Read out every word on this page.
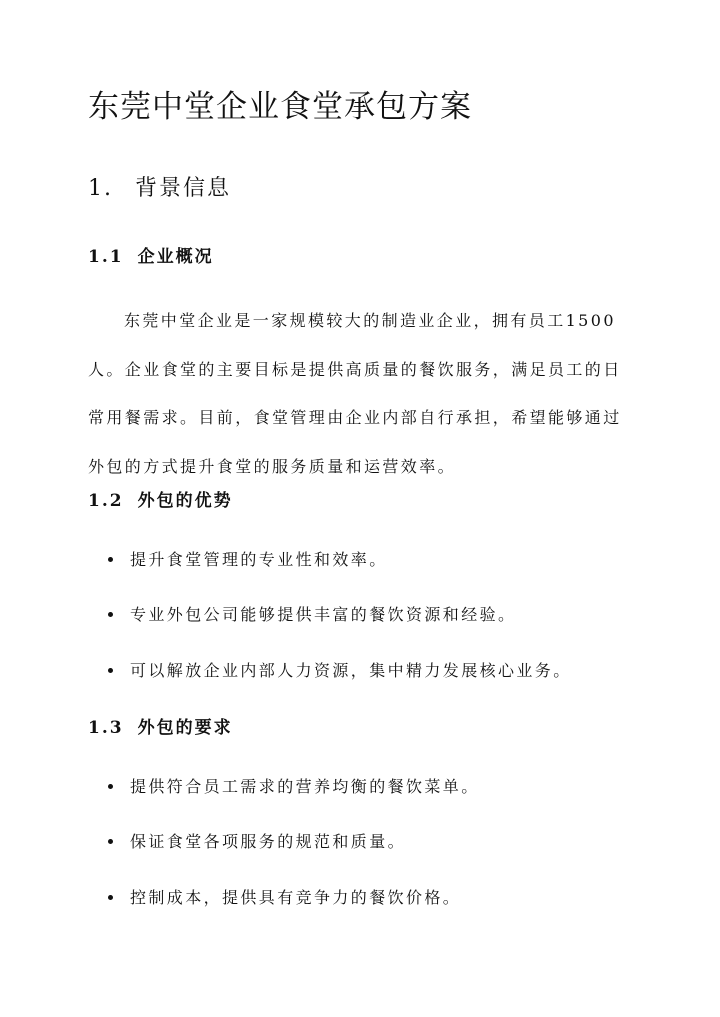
东莞中堂企业食堂承包方案
1. 背景信息
1.1 企业概况

东莞中堂企业是一家规模较大的制造业企业，拥有员工1500
人。企业食堂的主要目标是提供高质量的餐饮服务，满足员工的日
常用餐需求。目前，食堂管理由企业内部自行承担，希望能够通过
外包的方式提升食堂的服务质量和运营效率。

1.2 外包的优势
提升食堂管理的专业性和效率。
专业外包公司能够提供丰富的餐饮资源和经验。
可以解放企业内部人力资源，集中精力发展核心业务。
1.3 外包的要求
提供符合员工需求的营养均衡的餐饮菜单。
保证食堂各项服务的规范和质量。
控制成本，提供具有竞争力的餐饮价格。
